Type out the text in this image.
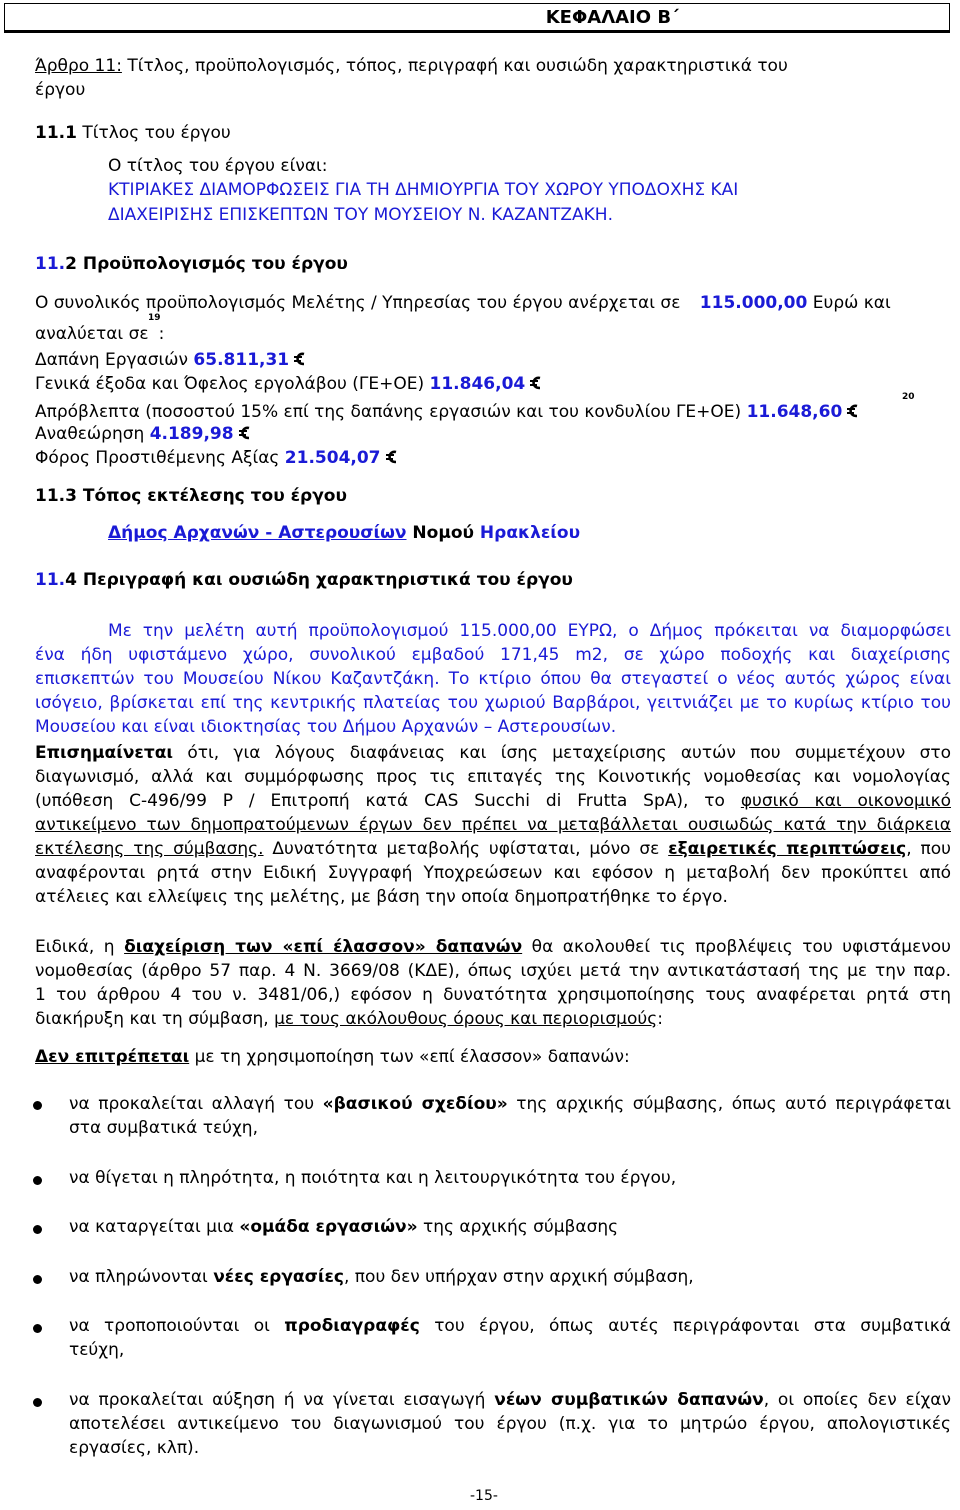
ΚΕΦΑΛΑΙΟ Β΄
Άρθρο 11: Τίτλος, προϋπολογισμός, τόπος, περιγραφή και ουσιώδη χαρακτηριστικά του
έργου
11.1 Τίτλος του έργου
Ο τίτλος του έργου είναι:
ΚΤΙΡΙΑΚΕΣ ΔΙΑΜΟΡΦΩΣΕΙΣ ΓΙΑ ΤΗ ΔΗΜΙΟΥΡΓΙΑ ΤΟΥ ΧΩΡΟΥ ΥΠΟΔΟΧΗΣ ΚΑΙ
ΔΙΑΧΕΙΡΙΣΗΣ ΕΠΙΣΚΕΠΤΩΝ ΤΟΥ ΜΟΥΣΕΙΟΥ Ν. ΚΑΖΑΝΤΖΑΚΗ.
11.2 Προϋπολογισμός του έργου
Ο συνολικός προϋπολογισμός Μελέτης / Υπηρεσίας του έργου ανέρχεται σε 115.000,00 Ευρώ και
αναλύεται σε :
19
Δαπάνη Εργασιών 65.811,31
Γενικά έξοδα και Όφελος εργολάβου (ΓΕ+ΟΕ) 11.846,04
Απρόβλεπτα (ποσοστού 15% επί της δαπάνης εργασιών και του κονδυλίου ΓΕ+ΟΕ) 11.648,60
20
Αναθεώρηση 4.189,98
Φόρος Προστιθέμενης Αξίας 21.504,07
11.3 Τόπος εκτέλεσης του έργου
Δήμος Αρχανών - Αστερουσίων Νομού Ηρακλείου
11.4 Περιγραφή και ουσιώδη χαρακτηριστικά του έργου
Με την μελέτη αυτή προϋπολογισμού 115.000,00 ΕΥΡΩ, ο Δήμος πρόκειται να διαμορφώσει
ένα ήδη υφιστάμενο χώρο, συνολικού εμβαδού 171,45 m2, σε χώρο ποδοχής και διαχείρισης
επισκεπτών του Μουσείου Νίκου Καζαντζάκη. Το κτίριο όπου θα στεγαστεί ο νέος αυτός χώρος είναι
ισόγειο, βρίσκεται επί της κεντρικής πλατείας του χωριού Βαρβάροι, γειτνιάζει με το κυρίως κτίριο του
Μουσείου και είναι ιδιοκτησίας του Δήμου Αρχανών – Αστερουσίων.
Επισημαίνεται ότι, για λόγους διαφάνειας και ίσης μεταχείρισης αυτών που συμμετέχουν στο
διαγωνισμό, αλλά και συμμόρφωσης προς τις επιταγές της Κοινοτικής νομοθεσίας και νομολογίας
(υπόθεση C-496/99 P / Επιτροπή κατά CAS Succhi di Frutta SpA), το φυσικό και οικονομικό
αντικείμενο των δημοπρατούμενων έργων δεν πρέπει να μεταβάλλεται ουσιωδώς κατά την διάρκεια
εκτέλεσης της σύμβασης. Δυνατότητα μεταβολής υφίσταται, μόνο σε εξαιρετικές περιπτώσεις, που
αναφέρονται ρητά στην Ειδική Συγγραφή Υποχρεώσεων και εφόσον η μεταβολή δεν προκύπτει από
ατέλειες και ελλείψεις της μελέτης, με βάση την οποία δημοπρατήθηκε το έργο.
Ειδικά, η διαχείριση των «επί έλασσον» δαπανών θα ακολουθεί τις προβλέψεις του υφιστάμενου
νομοθεσίας (άρθρο 57 παρ. 4 Ν. 3669/08 (ΚΔΕ), όπως ισχύει μετά την αντικατάστασή της με την παρ.
1 του άρθρου 4 του ν. 3481/06,) εφόσον η δυνατότητα χρησιμοποίησης τους αναφέρεται ρητά στη
διακήρυξη και τη σύμβαση, με τους ακόλουθους όρους και περιορισμούς:
Δεν επιτρέπεται με τη χρησιμοποίηση των «επί έλασσον» δαπανών:
να προκαλείται αλλαγή του «βασικού σχεδίου» της αρχικής σύμβασης, όπως αυτό περιγράφεται
στα συμβατικά τεύχη,
να θίγεται η πληρότητα, η ποιότητα και η λειτουργικότητα του έργου,
να καταργείται μια «ομάδα εργασιών» της αρχικής σύμβασης
να πληρώνονται νέες εργασίες, που δεν υπήρχαν στην αρχική σύμβαση,
να τροποποιούνται οι προδιαγραφές του έργου, όπως αυτές περιγράφονται στα συμβατικά
τεύχη,
να προκαλείται αύξηση ή να γίνεται εισαγωγή νέων συμβατικών δαπανών, οι οποίες δεν είχαν
αποτελέσει αντικείμενο του διαγωνισμού του έργου (π.χ. για το μητρώο έργου, απολογιστικές
εργασίες, κλπ).
-15-
